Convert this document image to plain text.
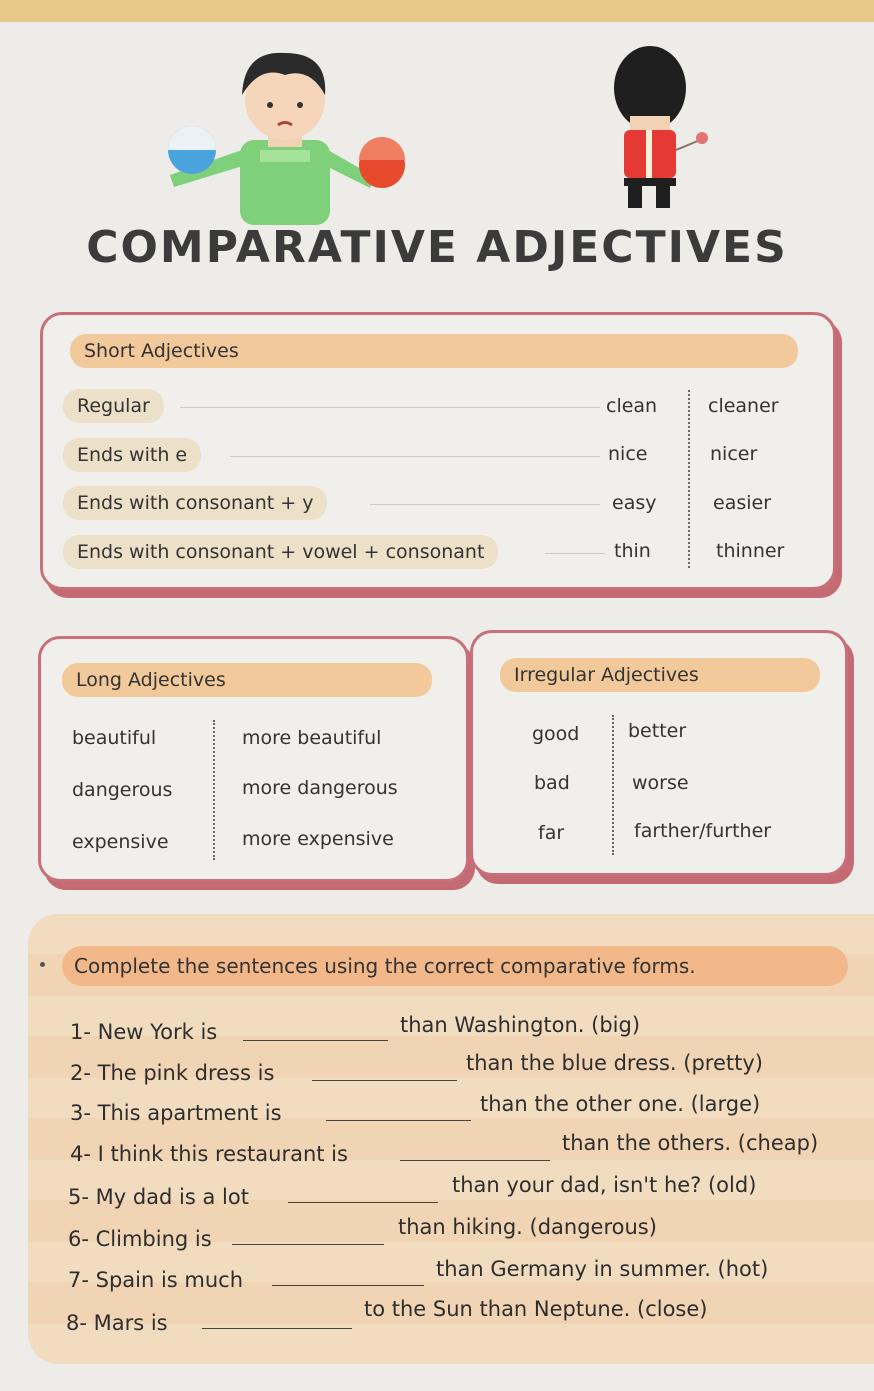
COMPARATIVE ADJECTIVES
Short Adjectives
Regular	clean	cleaner
Ends with e	nice	nicer
Ends with consonant + y	easy	easier
Ends with consonant + vowel + consonant	thin	thinner
Long Adjectives
beautiful	more beautiful
dangerous	more dangerous
expensive	more expensive
Irregular Adjectives
good	better
bad	worse
far	farther/further
Complete the sentences using the correct comparative forms.
1- New York is	than Washington. (big)
2- The pink dress is	than the blue dress. (pretty)
3- This apartment is	than the other one. (large)
4- I think this restaurant is	than the others. (cheap)
5- My dad is a lot	than your dad, isn't he? (old)
6- Climbing is	than hiking. (dangerous)
7- Spain is much	than Germany in summer. (hot)
8- Mars is
to the Sun than Neptune. (close)
